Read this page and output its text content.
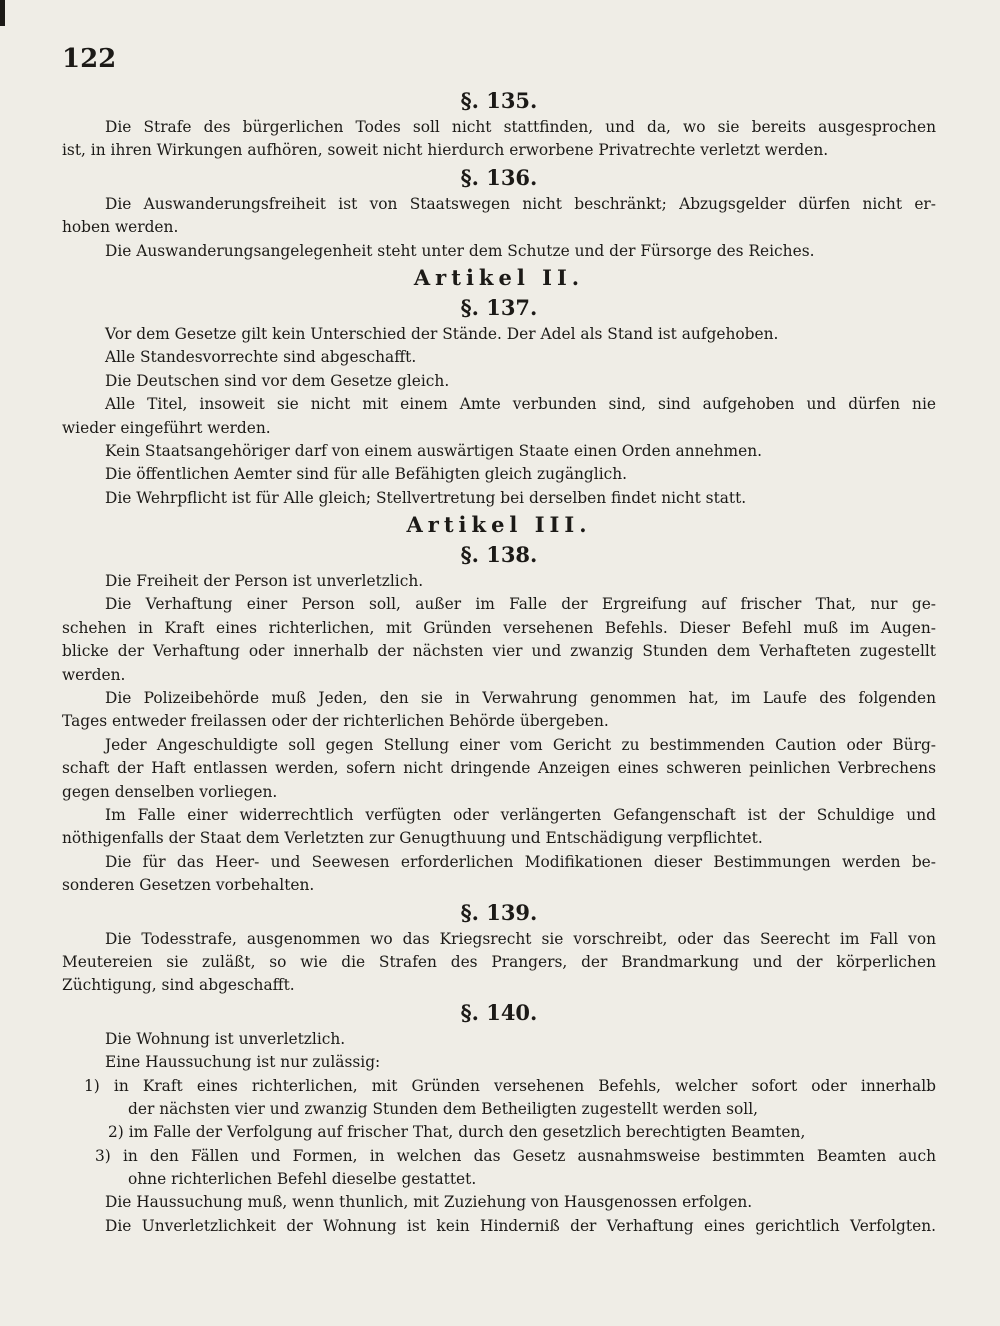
122
§. 135.
Die Strafe des bürgerlichen Todes soll nicht stattfinden, und da, wo sie bereits ausgesprochen
ist, in ihren Wirkungen aufhören, soweit nicht hierdurch erworbene Privatrechte verletzt werden.
§. 136.
Die Auswanderungsfreiheit ist von Staatswegen nicht beschränkt; Abzugsgelder dürfen nicht er-
hoben werden.
Die Auswanderungsangelegenheit steht unter dem Schutze und der Fürsorge des Reiches.
Artikel II.
§. 137.
Vor dem Gesetze gilt kein Unterschied der Stände. Der Adel als Stand ist aufgehoben.
Alle Standesvorrechte sind abgeschafft.
Die Deutschen sind vor dem Gesetze gleich.
Alle Titel, insoweit sie nicht mit einem Amte verbunden sind, sind aufgehoben und dürfen nie
wieder eingeführt werden.
Kein Staatsangehöriger darf von einem auswärtigen Staate einen Orden annehmen.
Die öffentlichen Aemter sind für alle Befähigten gleich zugänglich.
Die Wehrpflicht ist für Alle gleich; Stellvertretung bei derselben findet nicht statt.
Artikel III.
§. 138.
Die Freiheit der Person ist unverletzlich.
Die Verhaftung einer Person soll, außer im Falle der Ergreifung auf frischer That, nur ge-
schehen in Kraft eines richterlichen, mit Gründen versehenen Befehls. Dieser Befehl muß im Augen-
blicke der Verhaftung oder innerhalb der nächsten vier und zwanzig Stunden dem Verhafteten zugestellt
werden.
Die Polizeibehörde muß Jeden, den sie in Verwahrung genommen hat, im Laufe des folgenden
Tages entweder freilassen oder der richterlichen Behörde übergeben.
Jeder Angeschuldigte soll gegen Stellung einer vom Gericht zu bestimmenden Caution oder Bürg-
schaft der Haft entlassen werden, sofern nicht dringende Anzeigen eines schweren peinlichen Verbrechens
gegen denselben vorliegen.
Im Falle einer widerrechtlich verfügten oder verlängerten Gefangenschaft ist der Schuldige und
nöthigenfalls der Staat dem Verletzten zur Genugthuung und Entschädigung verpflichtet.
Die für das Heer- und Seewesen erforderlichen Modifikationen dieser Bestimmungen werden be-
sonderen Gesetzen vorbehalten.
§. 139.
Die Todesstrafe, ausgenommen wo das Kriegsrecht sie vorschreibt, oder das Seerecht im Fall von
Meutereien sie zuläßt, so wie die Strafen des Prangers, der Brandmarkung und der körperlichen
Züchtigung, sind abgeschafft.
§. 140.
Die Wohnung ist unverletzlich.
Eine Haussuchung ist nur zulässig:
1) in Kraft eines richterlichen, mit Gründen versehenen Befehls, welcher sofort oder innerhalb
der nächsten vier und zwanzig Stunden dem Betheiligten zugestellt werden soll,
2) im Falle der Verfolgung auf frischer That, durch den gesetzlich berechtigten Beamten,
3) in den Fällen und Formen, in welchen das Gesetz ausnahmsweise bestimmten Beamten auch
ohne richterlichen Befehl dieselbe gestattet.
Die Haussuchung muß, wenn thunlich, mit Zuziehung von Hausgenossen erfolgen.
Die Unverletzlichkeit der Wohnung ist kein Hinderniß der Verhaftung eines gerichtlich Verfolgten.
